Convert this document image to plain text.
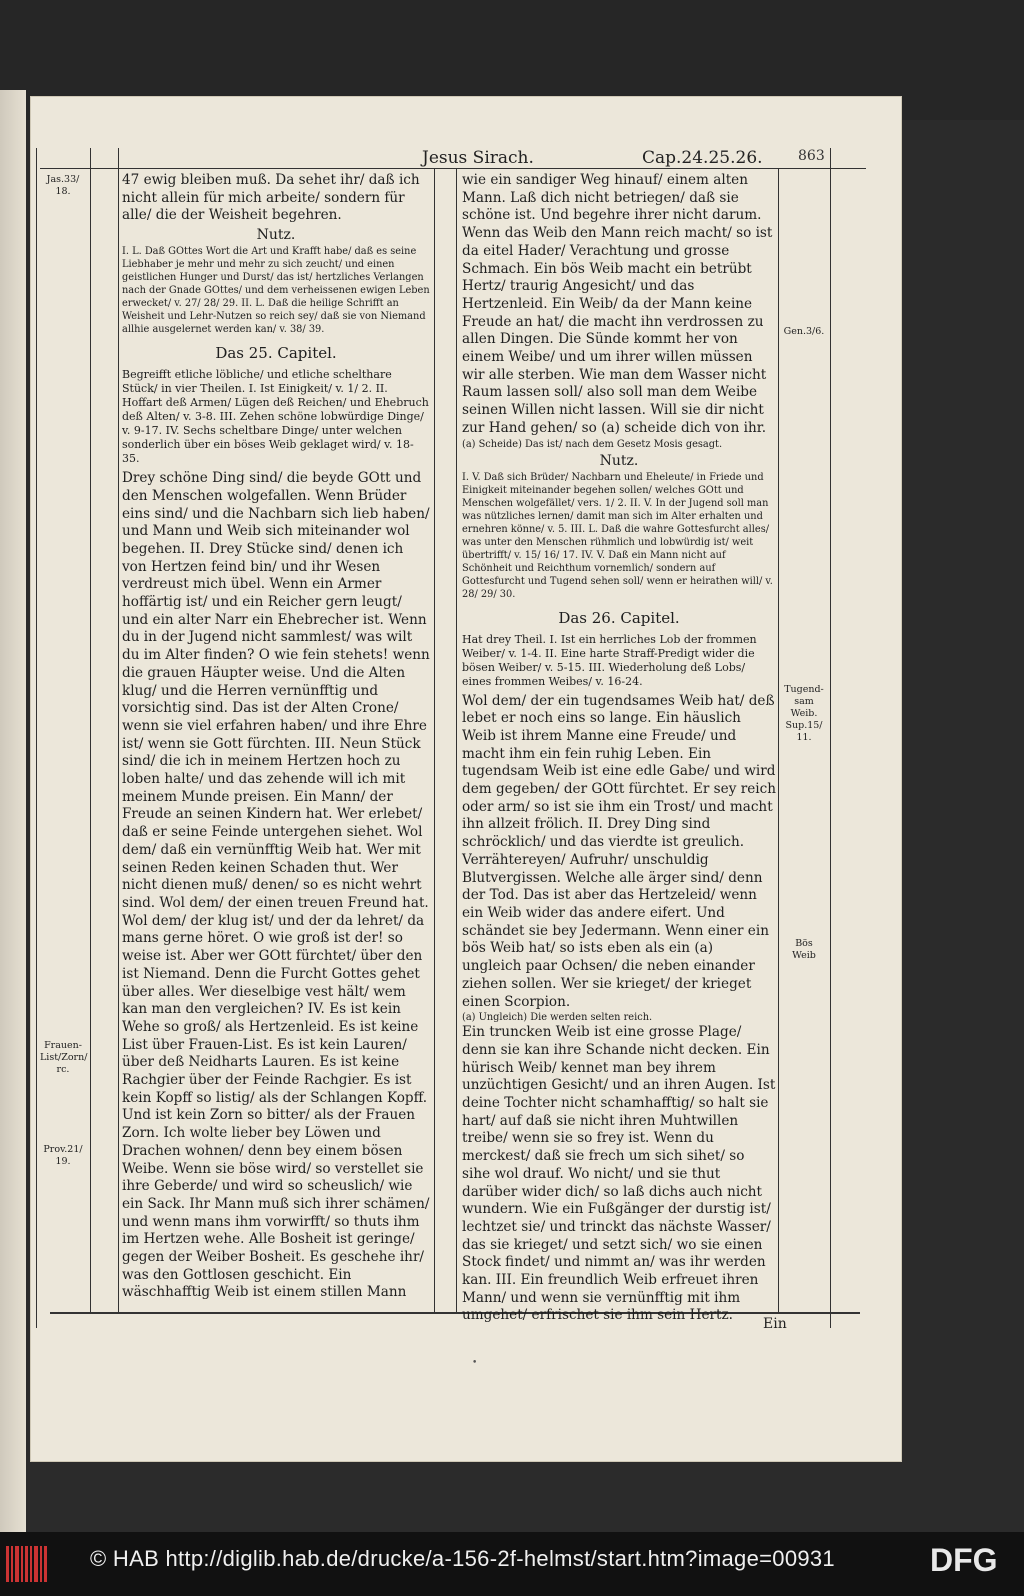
Jesus Sirach.	Cap.24.25.26.	863
Jas.33/ 18.
Frauen- List/Zorn/ rc.
Prov.21/ 19.
Gen.3/6.
Tugend- sam Weib. Sup.15/ 11.
Bös Weib

47 ewig bleiben muß. Da sehet ihr/ daß ich nicht allein für mich arbeite/ sondern für alle/ die der Weisheit begehren.

Nutz.

I. L. Daß GOttes Wort die Art und Krafft habe/ daß es seine Liebhaber je mehr und mehr zu sich zeucht/ und einen geistlichen Hunger und Durst/ das ist/ hertzliches Verlangen nach der Gnade GOttes/ und dem verheissenen ewigen Leben erwecket/ v. 27/ 28/ 29. II. L. Daß die heilige Schrifft an Weisheit und Lehr-Nutzen so reich sey/ daß sie von Niemand allhie ausgelernet werden kan/ v. 38/ 39.

Das 25. Capitel.

Begreifft etliche löbliche/ und etliche schelthare Stück/ in vier Theilen. I. Ist Einigkeit/ v. 1/ 2. II. Hoffart deß Armen/ Lügen deß Reichen/ und Ehebruch deß Alten/ v. 3-8. III. Zehen schöne lobwürdige Dinge/ v. 9-17. IV. Sechs scheltbare Dinge/ unter welchen sonderlich über ein böses Weib geklaget wird/ v. 18-35.

Drey schöne Ding sind/ die beyde GOtt und den Menschen wolgefallen. Wenn Brüder eins sind/ und die Nachbarn sich lieb haben/ und Mann und Weib sich miteinander wol begehen. II. Drey Stücke sind/ denen ich von Hertzen feind bin/ und ihr Wesen verdreust mich übel. Wenn ein Armer hoffärtig ist/ und ein Reicher gern leugt/ und ein alter Narr ein Ehebrecher ist. Wenn du in der Jugend nicht sammlest/ was wilt du im Alter finden? O wie fein stehets! wenn die grauen Häupter weise. Und die Alten klug/ und die Herren vernünfftig und vorsichtig sind. Das ist der Alten Crone/ wenn sie viel erfahren haben/ und ihre Ehre ist/ wenn sie Gott fürchten. III. Neun Stück sind/ die ich in meinem Hertzen hoch zu loben halte/ und das zehende will ich mit meinem Munde preisen. Ein Mann/ der Freude an seinen Kindern hat. Wer erlebet/ daß er seine Feinde untergehen siehet. Wol dem/ daß ein vernünfftig Weib hat. Wer mit seinen Reden keinen Schaden thut. Wer nicht dienen muß/ denen/ so es nicht wehrt sind. Wol dem/ der einen treuen Freund hat. Wol dem/ der klug ist/ und der da lehret/ da mans gerne höret. O wie groß ist der! so weise ist. Aber wer GOtt fürchtet/ über den ist Niemand. Denn die Furcht Gottes gehet über alles. Wer dieselbige vest hält/ wem kan man den vergleichen? IV. Es ist kein Wehe so groß/ als Hertzenleid. Es ist keine List über Frauen-List. Es ist kein Lauren/ über deß Neidharts Lauren. Es ist keine Rachgier über der Feinde Rachgier. Es ist kein Kopff so listig/ als der Schlangen Kopff. Und ist kein Zorn so bitter/ als der Frauen Zorn. Ich wolte lieber bey Löwen und Drachen wohnen/ denn bey einem bösen Weibe. Wenn sie böse wird/ so verstellet sie ihre Geberde/ und wird so scheuslich/ wie ein Sack. Ihr Mann muß sich ihrer schämen/ und wenn mans ihm vorwirfft/ so thuts ihm im Hertzen wehe. Alle Bosheit ist geringe/ gegen der Weiber Bosheit. Es geschehe ihr/ was den Gottlosen geschicht. Ein wäschhafftig Weib ist einem stillen Mann

wie ein sandiger Weg hinauf/ einem alten Mann. Laß dich nicht betriegen/ daß sie schöne ist. Und begehre ihrer nicht darum. Wenn das Weib den Mann reich macht/ so ist da eitel Hader/ Verachtung und grosse Schmach. Ein bös Weib macht ein betrübt Hertz/ traurig Angesicht/ und das Hertzenleid. Ein Weib/ da der Mann keine Freude an hat/ die macht ihn verdrossen zu allen Dingen. Die Sünde kommt her von einem Weibe/ und um ihrer willen müssen wir alle sterben. Wie man dem Wasser nicht Raum lassen soll/ also soll man dem Weibe seinen Willen nicht lassen. Will sie dir nicht zur Hand gehen/ so (a) scheide dich von ihr.

(a) Scheide) Das ist/ nach dem Gesetz Mosis gesagt.

Nutz.

I. V. Daß sich Brüder/ Nachbarn und Eheleute/ in Friede und Einigkeit miteinander begehen sollen/ welches GOtt und Menschen wolgefället/ vers. 1/ 2. II. V. In der Jugend soll man was nützliches lernen/ damit man sich im Alter erhalten und ernehren könne/ v. 5. III. L. Daß die wahre Gottesfurcht alles/ was unter den Menschen rühmlich und lobwürdig ist/ weit übertrifft/ v. 15/ 16/ 17. IV. V. Daß ein Mann nicht auf Schönheit und Reichthum vornemlich/ sondern auf Gottesfurcht und Tugend sehen soll/ wenn er heirathen will/ v. 28/ 29/ 30.

Das 26. Capitel.

Hat drey Theil. I. Ist ein herrliches Lob der frommen Weiber/ v. 1-4. II. Eine harte Straff-Predigt wider die bösen Weiber/ v. 5-15. III. Wiederholung deß Lobs/ eines frommen Weibes/ v. 16-24.

Wol dem/ der ein tugendsames Weib hat/ deß lebet er noch eins so lange. Ein häuslich Weib ist ihrem Manne eine Freude/ und macht ihm ein fein ruhig Leben. Ein tugendsam Weib ist eine edle Gabe/ und wird dem gegeben/ der GOtt fürchtet. Er sey reich oder arm/ so ist sie ihm ein Trost/ und macht ihn allzeit frölich. II. Drey Ding sind schröcklich/ und das vierdte ist greulich. Verrähtereyen/ Aufruhr/ unschuldig Blutvergissen. Welche alle ärger sind/ denn der Tod. Das ist aber das Hertzeleid/ wenn ein Weib wider das andere eifert. Und schändet sie bey Jedermann. Wenn einer ein bös Weib hat/ so ists eben als ein (a) ungleich paar Ochsen/ die neben einander ziehen sollen. Wer sie krieget/ der krieget einen Scorpion.

(a) Ungleich) Die werden selten reich.

Ein truncken Weib ist eine grosse Plage/ denn sie kan ihre Schande nicht decken. Ein hürisch Weib/ kennet man bey ihrem unzüchtigen Gesicht/ und an ihren Augen. Ist deine Tochter nicht schamhafftig/ so halt sie hart/ auf daß sie nicht ihren Muhtwillen treibe/ wenn sie so frey ist. Wenn du merckest/ daß sie frech um sich sihet/ so sihe wol drauf. Wo nicht/ und sie thut darüber wider dich/ so laß dichs auch nicht wundern. Wie ein Fußgänger der durstig ist/ lechtzet sie/ und trinckt das nächste Wasser/ das sie krieget/ und setzt sich/ wo sie einen Stock findet/ und nimmt an/ was ihr werden kan. III. Ein freundlich Weib erfreuet ihren Mann/ und wenn sie vernünfftig mit ihm umgehet/ erfrischet sie ihm sein Hertz.

Ein
•
© HAB http://diglib.hab.de/drucke/a-156-2f-helmst/start.htm?image=00931	DFG
